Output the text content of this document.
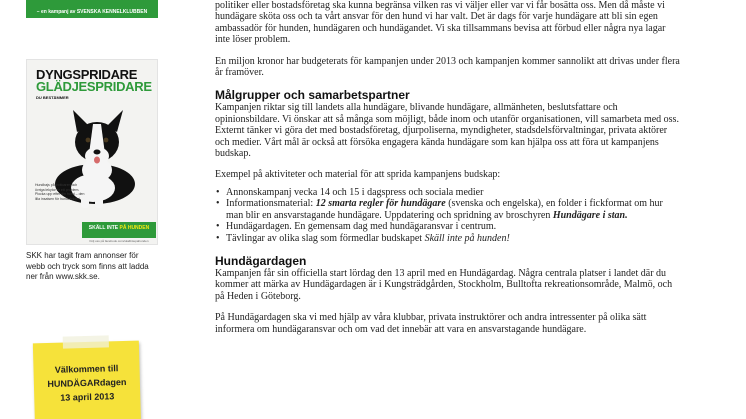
– en kampanj av SVENSKA KENNELKLUBBEN
DYNGSPRIDARE
GLÄDJESPRIDARE
DU BESTÄMMER
Hundbajs på trottoaren och övriga lekytor är ett problem. Plocka upp efter din hund – den lilla insatsen för hundvärlden!
SKÄLL INTE PÅ HUNDEN
Följ oss på facebook.com/skallintepahunden
SKK har tagit fram annonser för webb och tryck som finns att ladda ner från www.skk.se.
Välkommen till
HUNDÄGARdagen
13 april 2013

politiker eller bostadsföretag ska kunna begränsa vilken ras vi väljer eller var vi får bosätta oss. Men då måste vi hundägare sköta oss och ta vårt ansvar för den hund vi har valt. Det är dags för varje hundägare att bli sin egen ambassadör för hunden, hundägaren och hundägandet. Vi ska tillsammans bevisa att förbud eller några nya lagar inte löser problem.

En miljon kronor har budgeterats för kampanjen under 2013 och kampanjen kommer sannolikt att drivas under flera år framöver.

Målgrupper och samarbetspartner

Kampanjen riktar sig till landets alla hundägare, blivande hundägare, allmänheten, beslutsfattare och opinionsbildare. Vi önskar att så många som möjligt, både inom och utanför organisationen, vill samarbeta med oss. Externt tänker vi göra det med bostadsföretag, djurpoliserna, myndigheter, stadsdelsförvaltningar, privata aktörer och medier. Vårt mål är också att försöka engagera kända hundägare som kan hjälpa oss att föra ut kampanjens budskap.

Exempel på aktiviteter och material för att sprida kampanjens budskap:

• Annonskampanj vecka 14 och 15 i dagspress och sociala medier
• Informationsmaterial: 12 smarta regler för hundägare (svenska och engelska), en folder i fickformat om hur man blir en ansvarstagande hundägare. Uppdatering och spridning av broschyren Hundägare i stan.
• Hundägardagen. En gemensam dag med hundägaransvar i centrum.
• Tävlingar av olika slag som förmedlar budskapet Skäll inte på hunden!
Hundägardagen

Kampanjen får sin officiella start lördag den 13 april med en Hundägardag. Några centrala platser i landet där du kommer att märka av Hundägardagen är i Kungsträdgården, Stockholm, Bulltofta rekreationsområde, Malmö, och på Heden i Göteborg.

På Hundägardagen ska vi med hjälp av våra klubbar, privata instruktörer och andra intressenter på olika sätt informera om hundägaransvar och om vad det innebär att vara en ansvarstagande hundägare.
